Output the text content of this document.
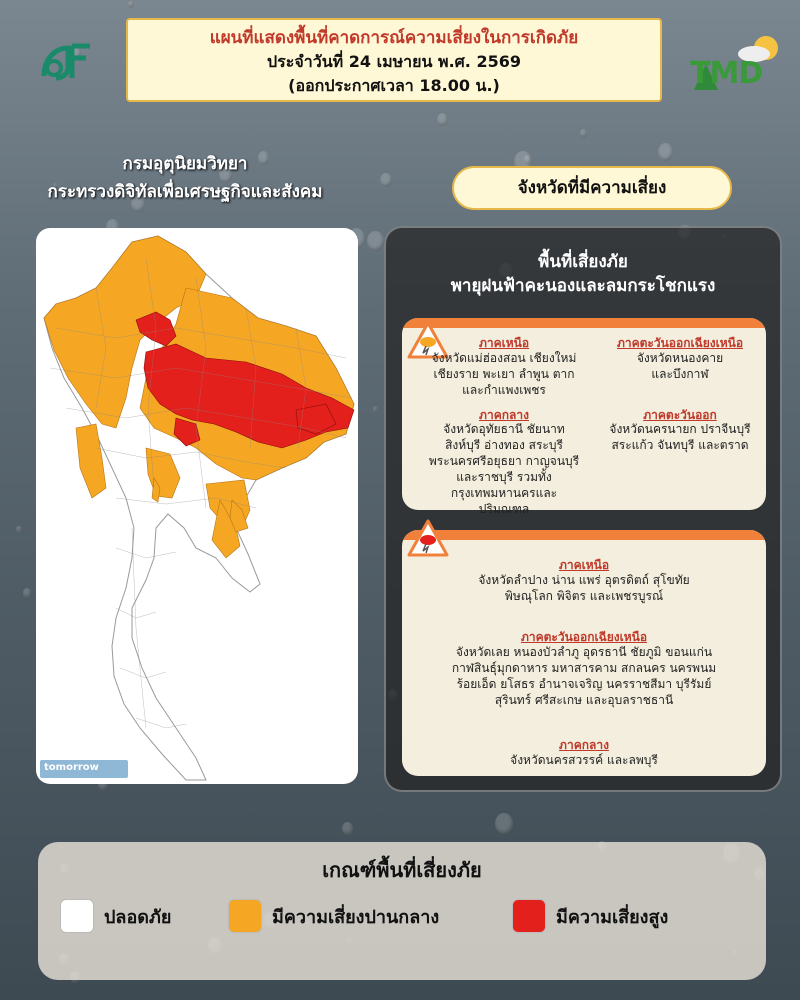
TMD
แผนที่แสดงพื้นที่คาดการณ์ความเสี่ยงในการเกิดภัย
ประจำวันที่ 24 เมษายน พ.ศ. 2569
(ออกประกาศเวลา 18.00 น.)
กรมอุตุนิยมวิทยา
กระทรวงดิจิทัลเพื่อเศรษฐกิจและสังคม
tomorrow
จังหวัดที่มีความเสี่ยง
พื้นที่เสี่ยงภัย
พายุฝนฟ้าคะนองและลมกระโชกแรง
ภาคเหนือ
จังหวัดแม่ฮ่องสอน เชียงใหม่
เชียงราย พะเยา ลำพูน ตาก
และกำแพงเพชร
ภาคตะวันออกเฉียงเหนือ
จังหวัดหนองคาย
และบึงกาฬ
ภาคกลาง
จังหวัดอุทัยธานี ชัยนาท
สิงห์บุรี อ่างทอง สระบุรี
พระนครศรีอยุธยา กาญจนบุรี
และราชบุรี รวมทั้ง
กรุงเทพมหานครและ
ปริมณฑล
ภาคตะวันออก
จังหวัดนครนายก ปราจีนบุรี
สระแก้ว จันทบุรี และตราด
ภาคเหนือ
จังหวัดลำปาง น่าน แพร่ อุตรดิตถ์ สุโขทัย
พิษณุโลก พิจิตร และเพชรบูรณ์
ภาคตะวันออกเฉียงเหนือ
จังหวัดเลย หนองบัวลำภู อุดรธานี ชัยภูมิ ขอนแก่น
กาฬสินธุ์มุกดาหาร มหาสารคาม สกลนคร นครพนม
ร้อยเอ็ด ยโสธร อำนาจเจริญ นครราชสีมา บุรีรัมย์
สุรินทร์ ศรีสะเกษ และอุบลราชธานี
ภาคกลาง
จังหวัดนครสวรรค์ และลพบุรี
เกณฑ์พื้นที่เสี่ยงภัย
ปลอดภัย	มีความเสี่ยงปานกลาง	มีความเสี่ยงสูง
